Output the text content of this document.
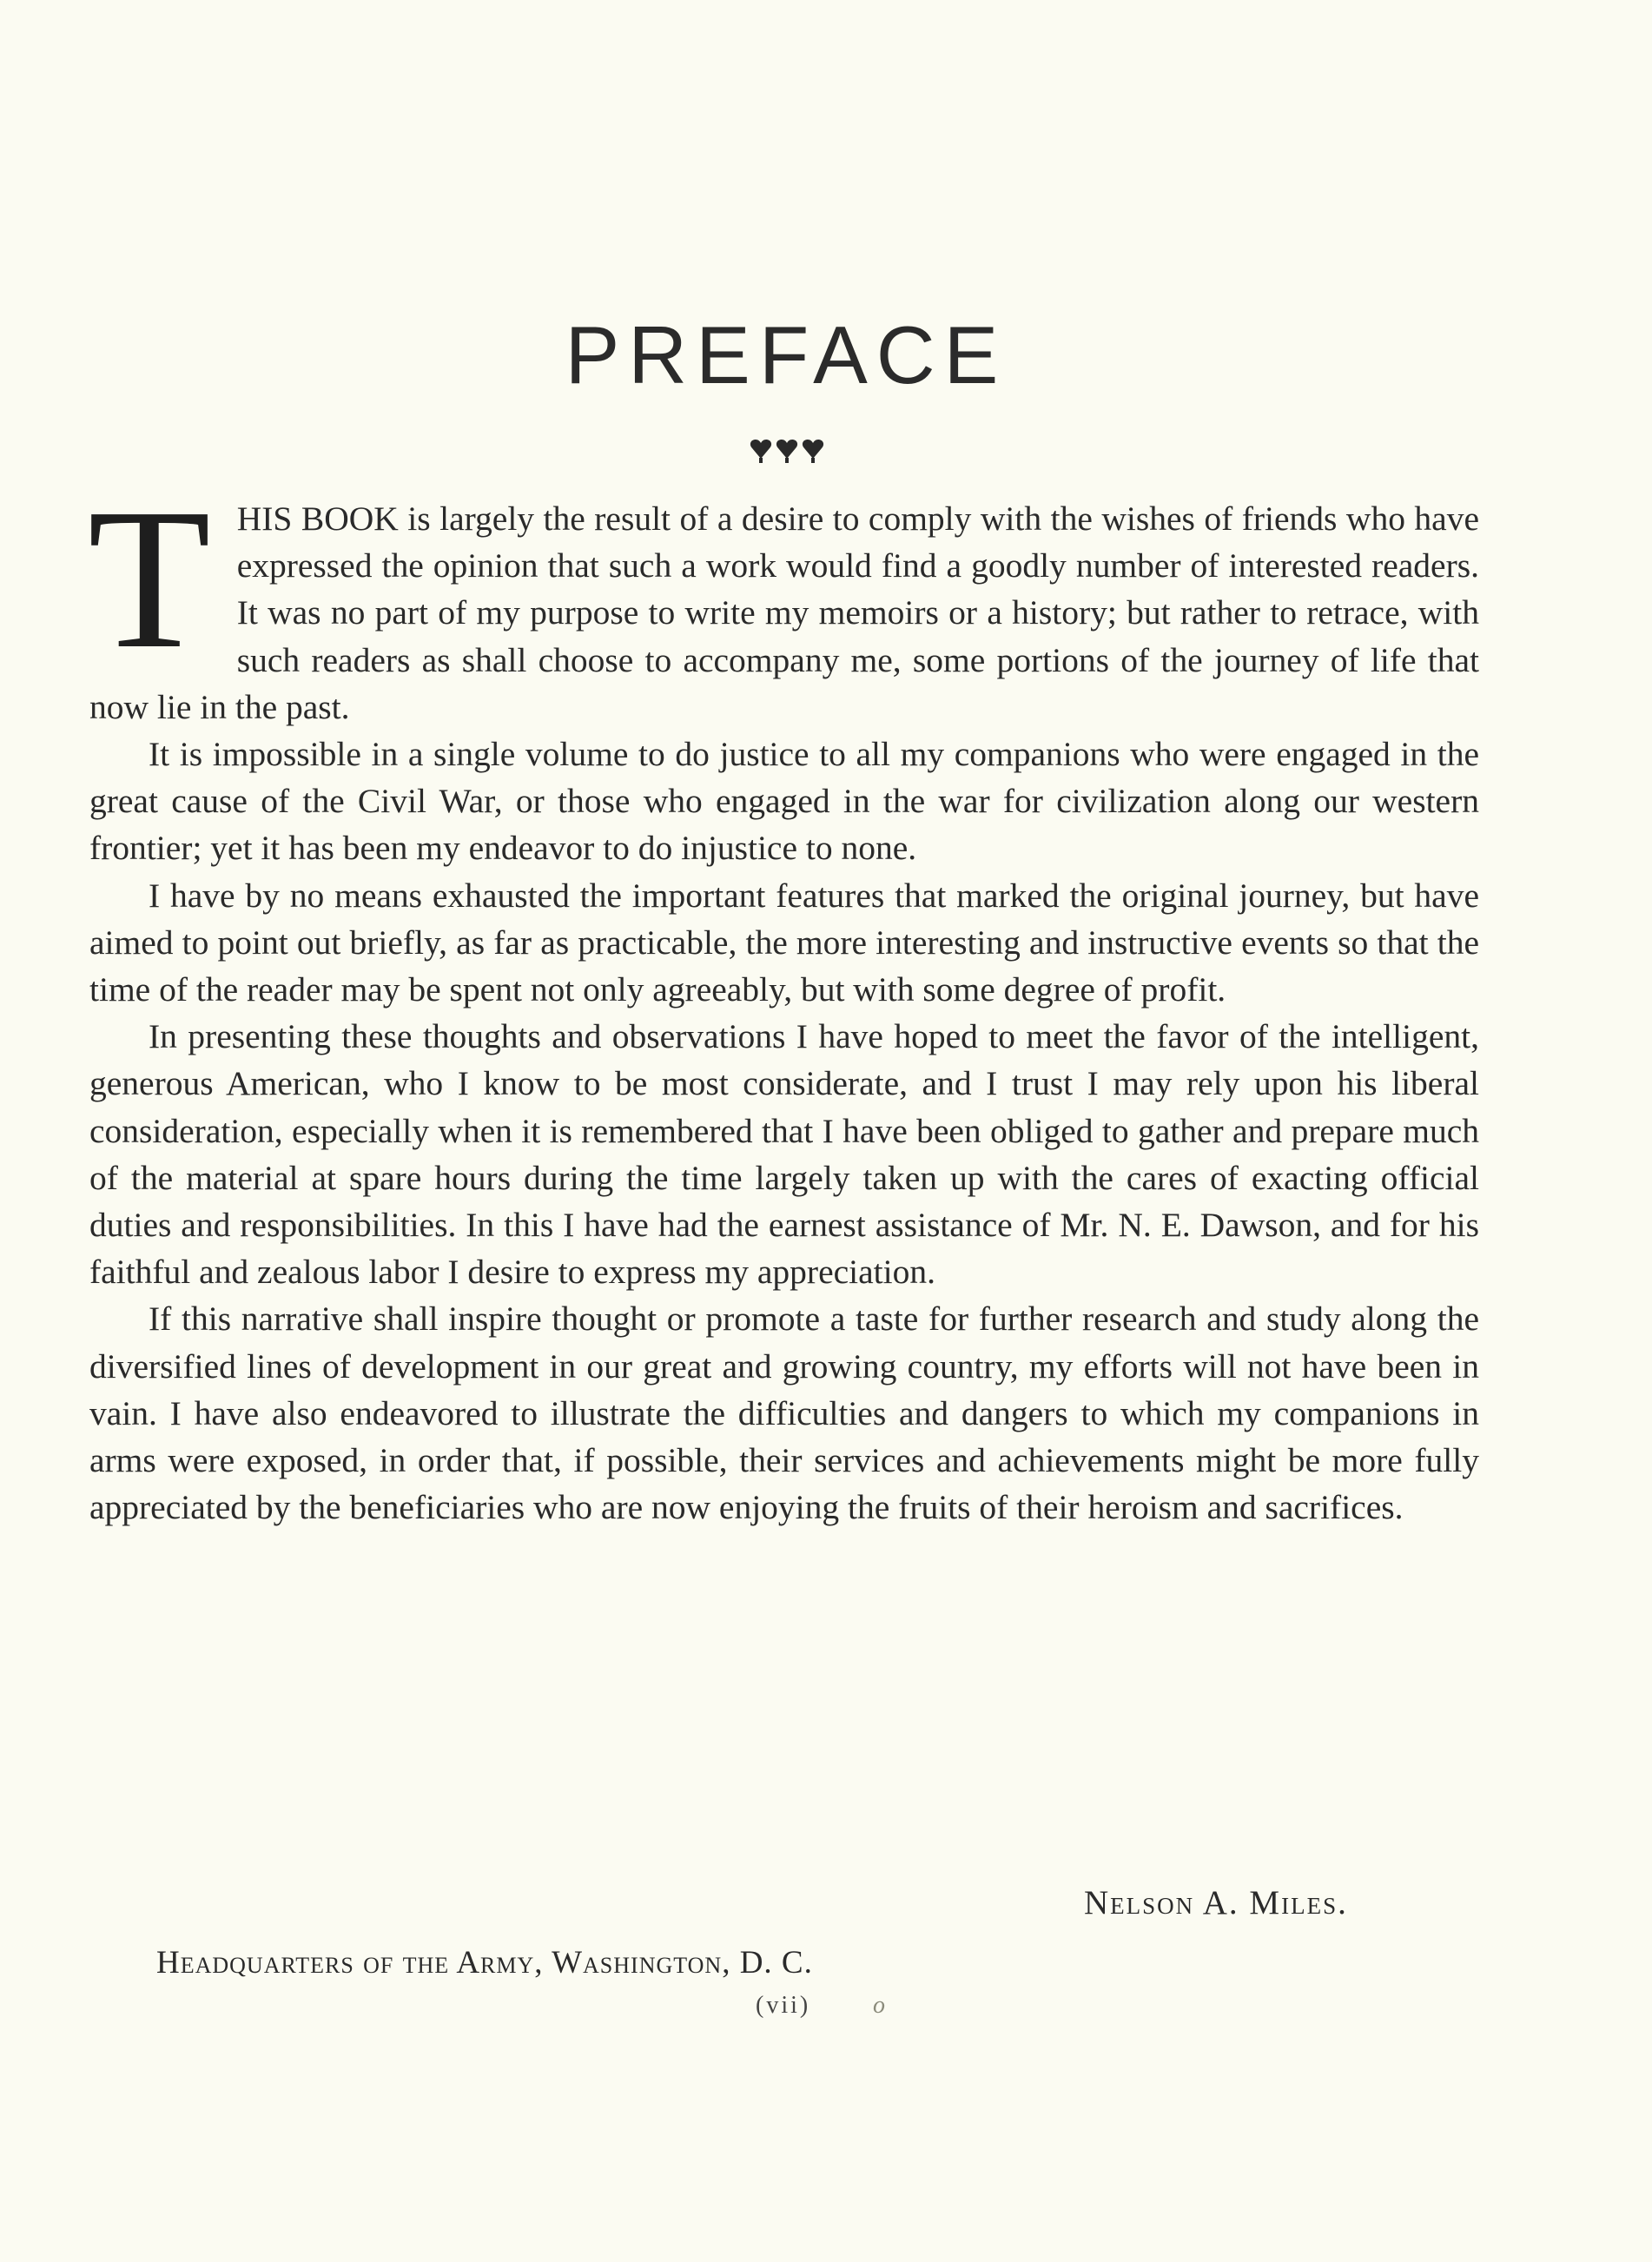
PREFACE

THIS BOOK is largely the result of a desire to comply with the wishes of friends who have expressed the opinion that such a work would find a goodly number of interested readers. It was no part of my purpose to write my memoirs or a history; but rather to retrace, with such readers as shall choose to accompany me, some portions of the journey of life that now lie in the past.

It is impossible in a single volume to do justice to all my companions who were engaged in the great cause of the Civil War, or those who engaged in the war for civilization along our western frontier; yet it has been my endeavor to do injustice to none.

I have by no means exhausted the important features that marked the original journey, but have aimed to point out briefly, as far as practicable, the more interesting and instructive events so that the time of the reader may be spent not only agreeably, but with some degree of profit.

In presenting these thoughts and observations I have hoped to meet the favor of the intelligent, generous American, who I know to be most considerate, and I trust I may rely upon his liberal consideration, especially when it is remembered that I have been obliged to gather and prepare much of the material at spare hours during the time largely taken up with the cares of exacting official duties and responsibilities. In this I have had the earnest assistance of Mr. N. E. Dawson, and for his faithful and zealous labor I desire to express my appreciation.

If this narrative shall inspire thought or promote a taste for further research and study along the diversified lines of development in our great and growing country, my efforts will not have been in vain. I have also endeavored to illustrate the difficulties and dangers to which my companions in arms were exposed, in order that, if possible, their services and achievements might be more fully appreciated by the beneficiaries who are now enjoying the fruits of their heroism and sacrifices.

Nelson A. Miles.
Headquarters of the Army, Washington, D. C.
(vii)	o
